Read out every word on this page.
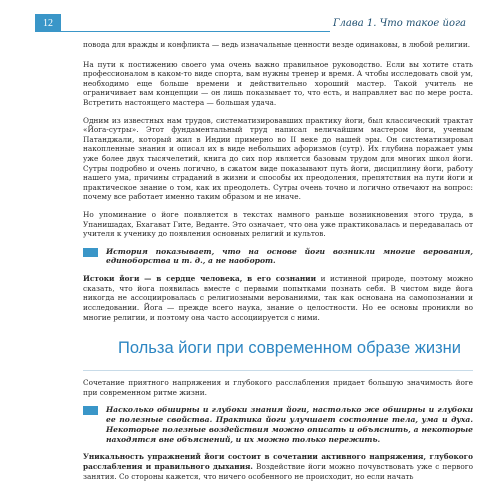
12	Глава 1. Что такое йога

повода для вражды и конфликта — ведь изначальные ценности везде одинаковы, в любой религии.

На пути к постижению своего ума очень важно правильное руководство. Если вы хотите стать профессионалом в каком-то виде спорта, вам нужны тренер и время. А чтобы исследовать свой ум, необходимо еще больше времени и действительно хороший мастер. Такой учитель не ограничивает вам концепции — он лишь показывает то, что есть, и направляет вас по мере роста. Встретить настоящего мастера — большая удача.

Одним из известных нам трудов, систематизировавших практику йоги, был классический трактат «Йога-сутры». Этот фундаментальный труд написал величайшим мастером йоги, ученым Патанджали, который жил в Индии примерно во II веке до нашей эры. Он систематизировал накопленные знания и описал их в виде небольших афоризмов (сутр). Их глубина поражает умы уже более двух тысячелетий, книга до сих пор является базовым трудом для многих школ йоги. Сутры подробно и очень логично, в сжатом виде показывают путь йоги, дисциплину йоги, работу нашего ума, причины страданий в жизни и способы их преодоления, препятствия на пути йоги и практическое знание о том, как их преодолеть. Сутры очень точно и логично отвечают на вопрос: почему все работает именно таким образом и не иначе.

Но упоминание о йоге появляется в текстах намного раньше возникновения этого труда, в Упанишадах, Бхагават Гите, Ведантe. Это означает, что она уже практиковалась и передавалась от учителя к ученику до появления основных религий и культов.

История показывает, что на основе йоги возникли многие верования, единоборства и т. д., а не наоборот.

Истоки йоги — в сердце человека, в его сознании и истинной природе, поэтому можно сказать, что йога появилась вместе с первыми попытками познать себя. В чистом виде йога никогда не ассоциировалась с религиозными верованиями, так как основана на самопознании и исследовании. Йога — прежде всего наука, знание о целостности. Но ее основы проникли во многие религии, и поэтому она часто ассоциируется с ними.

Польза йоги при современном образе жизни

Сочетание приятного напряжения и глубокого расслабления придает большую значимость йоге при современном ритме жизни.

Насколько обширны и глубоки знания йоги, настолько же обширны и глубоки ее полезные свойства. Практика йоги улучшает состояние тела, ума и духа. Некоторые полезные воздействия можно описать и объяснить, а некоторые находятся вне объяснений, и их можно только пережить.

Уникальность упражнений йоги состоит в сочетании активного напряжения, глубокого расслабления и правильного дыхания. Воздействие йоги можно почувствовать уже с первого занятия. Со стороны кажется, что ничего особенного не происходит, но если начать
